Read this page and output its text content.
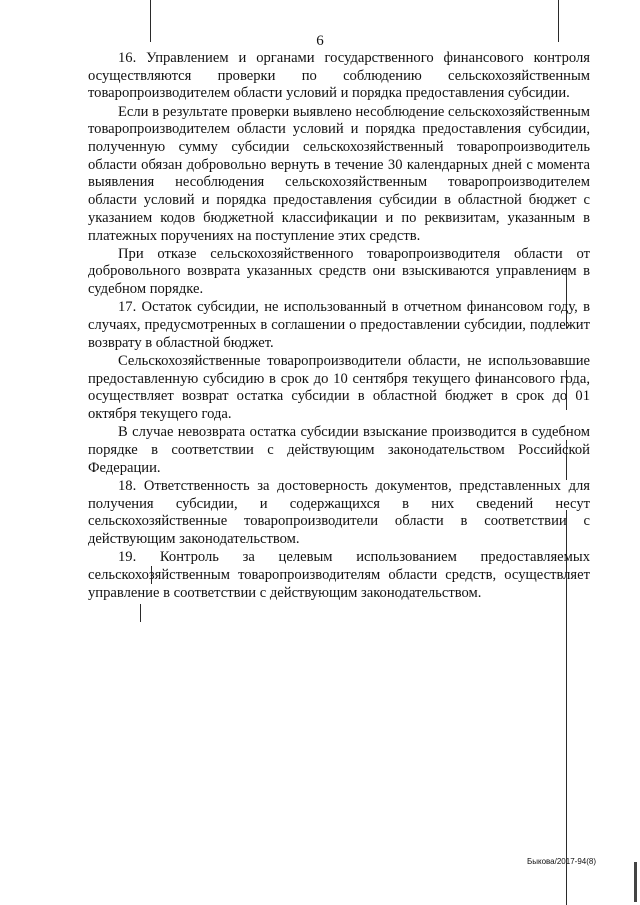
6

16. Управлением и органами государственного финансового контроля осуществляются проверки по соблюдению сельскохозяйственным товаропроизводителем области условий и порядка предоставления субсидии.

Если в результате проверки выявлено несоблюдение сельскохозяйственным товаропроизводителем области условий и порядка предоставления субсидии, полученную сумму субсидии сельскохозяйственный товаропроизводитель области обязан добровольно вернуть в течение 30 календарных дней с момента выявления несоблюдения сельскохозяйственным товаропроизводителем области условий и порядка предоставления субсидии в областной бюджет с указанием кодов бюджетной классификации и по реквизитам, указанным в платежных поручениях на поступление этих средств.

При отказе сельскохозяйственного товаропроизводителя области от добровольного возврата указанных средств они взыскиваются управлением в судебном порядке.

17. Остаток субсидии, не использованный в отчетном финансовом году, в случаях, предусмотренных в соглашении о предоставлении субсидии, подлежит возврату в областной бюджет.

Сельскохозяйственные товаропроизводители области, не использовавшие предоставленную субсидию в срок до 10 сентября текущего финансового года, осуществляет возврат остатка субсидии в областной бюджет в срок до 01 октября текущего года.

В случае невозврата остатка субсидии взыскание производится в судебном порядке в соответствии с действующим законодательством Российской Федерации.

18. Ответственность за достоверность документов, представленных для получения субсидии, и содержащихся в них сведений несут сельскохозяйственные товаропроизводители области в соответствии с действующим законодательством.

19. Контроль за целевым использованием предоставляемых сельскохозяйственным товаропроизводителям области средств, осуществляет управление в соответствии с действующим законодательством.

Быкова/2017-94(8)
